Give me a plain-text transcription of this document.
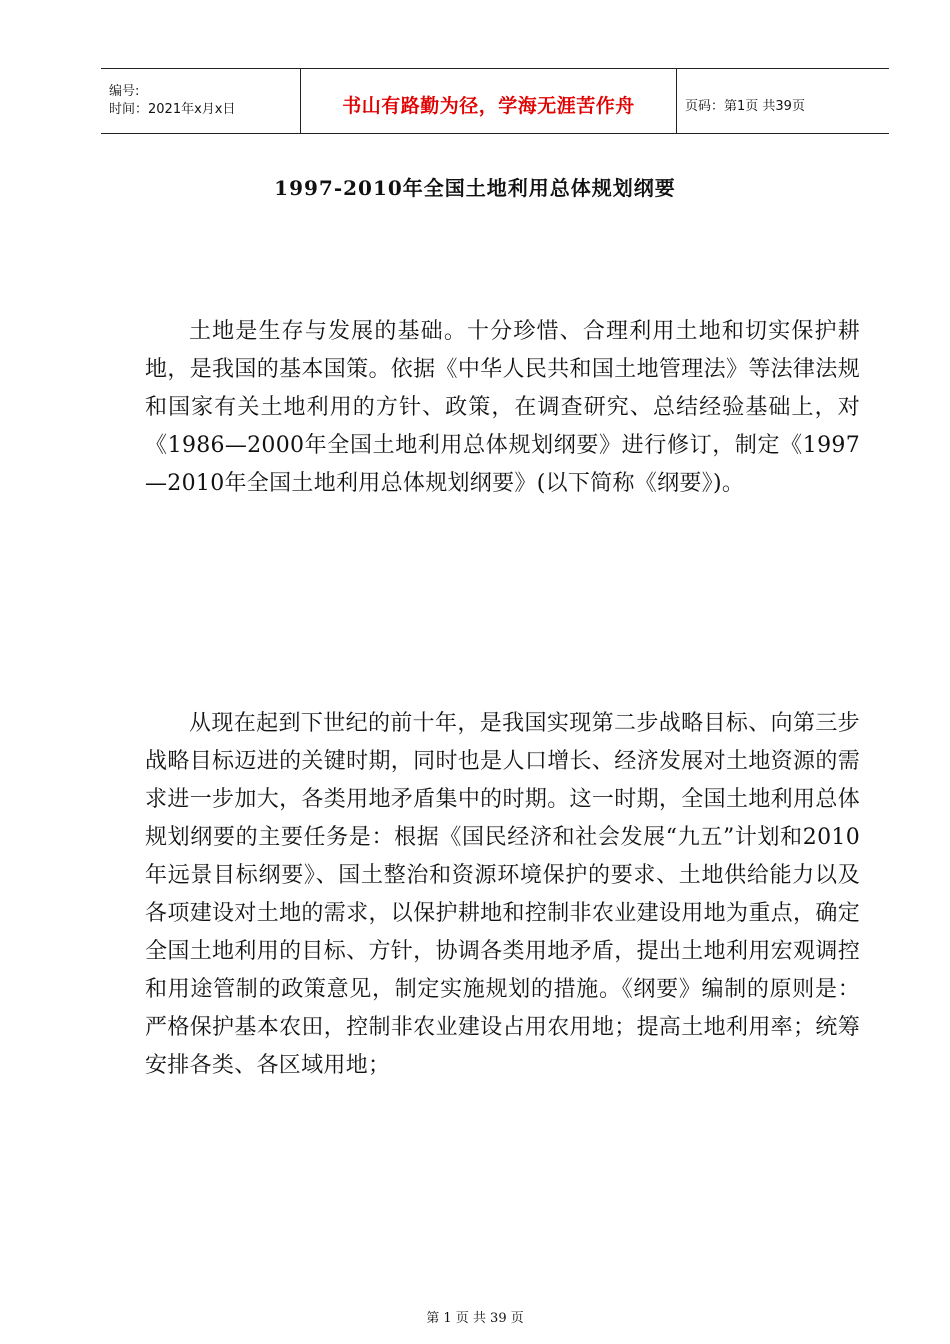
编号:
时间：2021年x月x日	书山有路勤为径，学海无涯苦作舟	页码：第1页 共39页
1997-2010年全国土地利用总体规划纲要
土地是生存与发展的基础。十分珍惜、合理利用土地和切实保护耕地，是我国的基本国策。依据《中华人民共和国土地管理法》等法律法规和国家有关土地利用的方针、政策，在调查研究、总结经验基础上，对《1986—2000年全国土地利用总体规划纲要》进行修订，制定《1997—2010年全国土地利用总体规划纲要》(以下简称《纲要》)。
从现在起到下世纪的前十年，是我国实现第二步战略目标、向第三步战略目标迈进的关键时期，同时也是人口增长、经济发展对土地资源的需求进一步加大，各类用地矛盾集中的时期。这一时期，全国土地利用总体规划纲要的主要任务是：根据《国民经济和社会发展“九五”计划和2010年远景目标纲要》、国土整治和资源环境保护的要求、土地供给能力以及各项建设对土地的需求，以保护耕地和控制非农业建设用地为重点，确定全国土地利用的目标、方针，协调各类用地矛盾，提出土地利用宏观调控和用途管制的政策意见，制定实施规划的措施。《纲要》编制的原则是：严格保护基本农田，控制非农业建设占用农用地；提高土地利用率；统筹安排各类、各区域用地；
第 1 页 共 39 页
